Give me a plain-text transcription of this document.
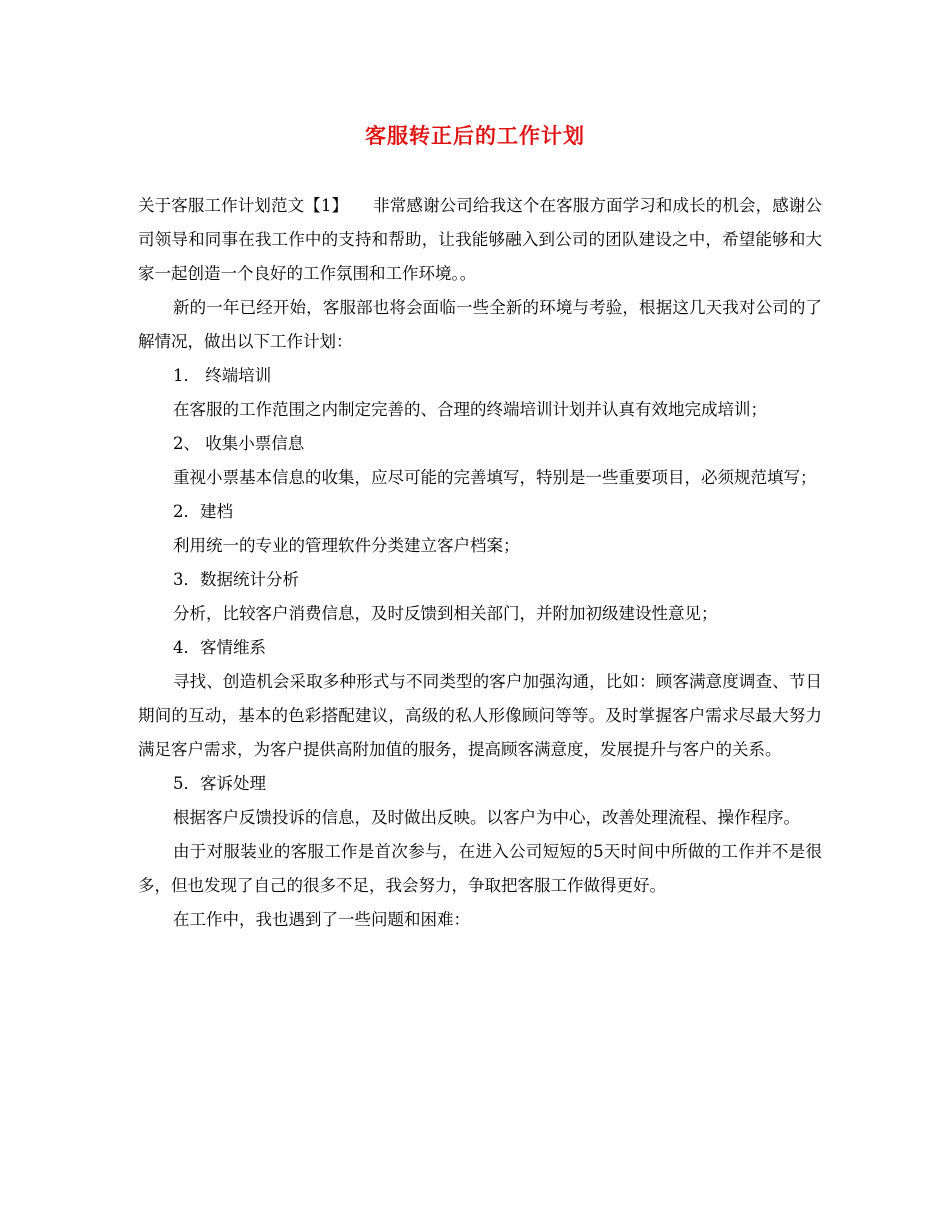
客服转正后的工作计划

关于客服工作计划范文【1】　　非常感谢公司给我这个在客服方面学习和成长的机会，感谢公司领导和同事在我工作中的支持和帮助，让我能够融入到公司的团队建设之中，希望能够和大家一起创造一个良好的工作氛围和工作环境。。

新的一年已经开始，客服部也将会面临一些全新的环境与考验，根据这几天我对公司的了解情况，做出以下工作计划：

1． 终端培训

在客服的工作范围之内制定完善的、合理的终端培训计划并认真有效地完成培训；

2、 收集小票信息

重视小票基本信息的收集，应尽可能的完善填写，特别是一些重要项目，必须规范填写；

2．建档

利用统一的专业的管理软件分类建立客户档案；

3．数据统计分析

分析，比较客户消费信息，及时反馈到相关部门，并附加初级建设性意见；

4．客情维系

寻找、创造机会采取多种形式与不同类型的客户加强沟通，比如：顾客满意度调查、节日期间的互动，基本的色彩搭配建议，高级的私人形像顾问等等。及时掌握客户需求尽最大努力满足客户需求，为客户提供高附加值的服务，提高顾客满意度，发展提升与客户的关系。

5．客诉处理

根据客户反馈投诉的信息，及时做出反映。以客户为中心，改善处理流程、操作程序。

由于对服装业的客服工作是首次参与，在进入公司短短的5天时间中所做的工作并不是很多，但也发现了自己的很多不足，我会努力，争取把客服工作做得更好。

在工作中，我也遇到了一些问题和困难：
